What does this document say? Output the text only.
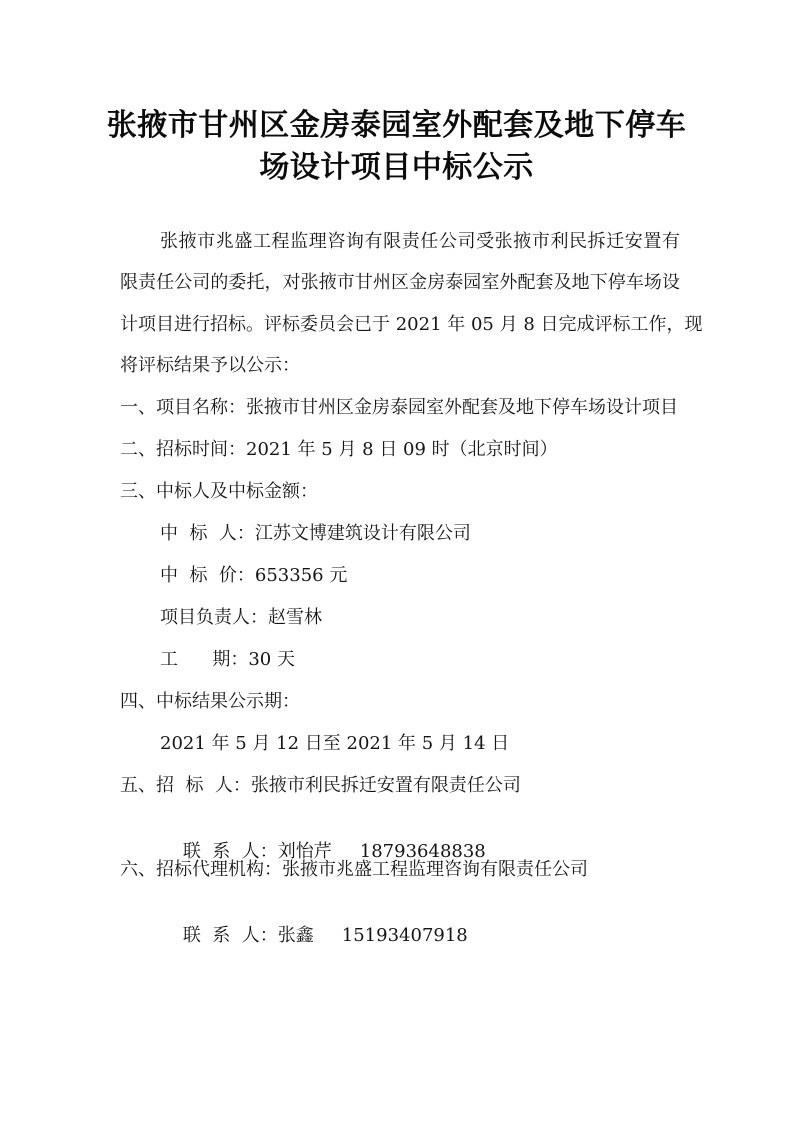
张掖市甘州区金房泰园室外配套及地下停车
场设计项目中标公示
张掖市兆盛工程监理咨询有限责任公司受张掖市利民拆迁安置有
限责任公司的委托，对张掖市甘州区金房泰园室外配套及地下停车场设
计项目进行招标。评标委员会已于 2021 年 05 月 8 日完成评标工作，现
将评标结果予以公示：
一、项目名称：张掖市甘州区金房泰园室外配套及地下停车场设计项目
二、招标时间：2021 年 5 月 8 日 09 时（北京时间）
三、中标人及中标金额：
中  标  人：江苏文博建筑设计有限公司
中  标  价：653356 元
项目负责人：赵雪林
工      期：30 天
四、中标结果公示期：
2021 年 5 月 12 日至 2021 年 5 月 14 日
五、招  标  人：张掖市利民拆迁安置有限责任公司

联  系  人：刘怡芹 18793648838

六、招标代理机构：张掖市兆盛工程监理咨询有限责任公司

联  系  人：张鑫 15193407918
